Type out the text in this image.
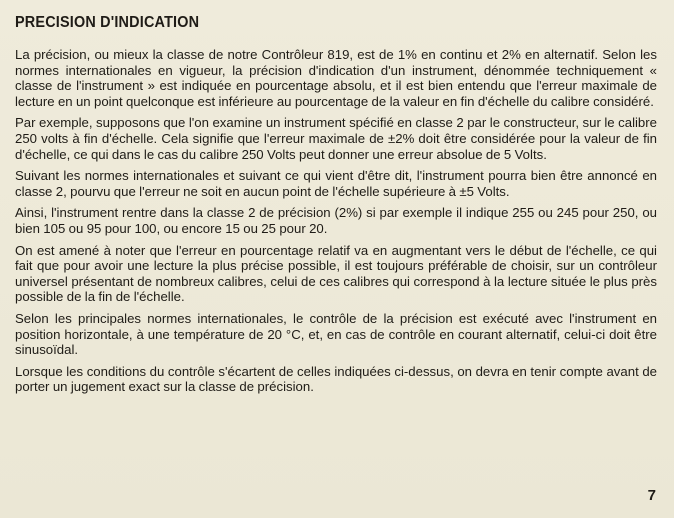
PRECISION D'INDICATION

La précision, ou mieux la classe de notre Contrôleur 819, est de 1% en continu et 2% en alternatif. Selon les normes internationales en vigueur, la précision d'indication d'un instrument, dénommée techniquement « classe de l'instrument » est indiquée en pourcentage absolu, et il est bien entendu que l'erreur maximale de lecture en un point quelconque est inférieure au pourcentage de la valeur en fin d'échelle du calibre considéré.

Par exemple, supposons que l'on examine un instrument spécifié en classe 2 par le constructeur, sur le calibre 250 volts à fin d'échelle. Cela signifie que l'erreur maximale de ±2% doit être considérée pour la valeur de fin d'échelle, ce qui dans le cas du calibre 250 Volts peut donner une erreur absolue de 5 Volts.

Suivant les normes internationales et suivant ce qui vient d'être dit, l'instrument pourra bien être annoncé en classe 2, pourvu que l'erreur ne soit en aucun point de l'échelle supérieure à ±5 Volts.

Ainsi, l'instrument rentre dans la classe 2 de précision (2%) si par exemple il indique 255 ou 245 pour 250, ou bien 105 ou 95 pour 100, ou encore 15 ou 25 pour 20.

On est amené à noter que l'erreur en pourcentage relatif va en augmentant vers le début de l'échelle, ce qui fait que pour avoir une lecture la plus précise possible, il est toujours préférable de choisir, sur un contrôleur universel présentant de nombreux calibres, celui de ces calibres qui correspond à la lecture située le plus près possible de la fin de l'échelle.

Selon les principales normes internationales, le contrôle de la précision est exécuté avec l'instrument en position horizontale, à une température de 20 °C, et, en cas de contrôle en courant alternatif, celui-ci doit être sinusoïdal.

Lorsque les conditions du contrôle s'écartent de celles indiquées ci-dessus, on devra en tenir compte avant de porter un jugement exact sur la classe de précision.

7
